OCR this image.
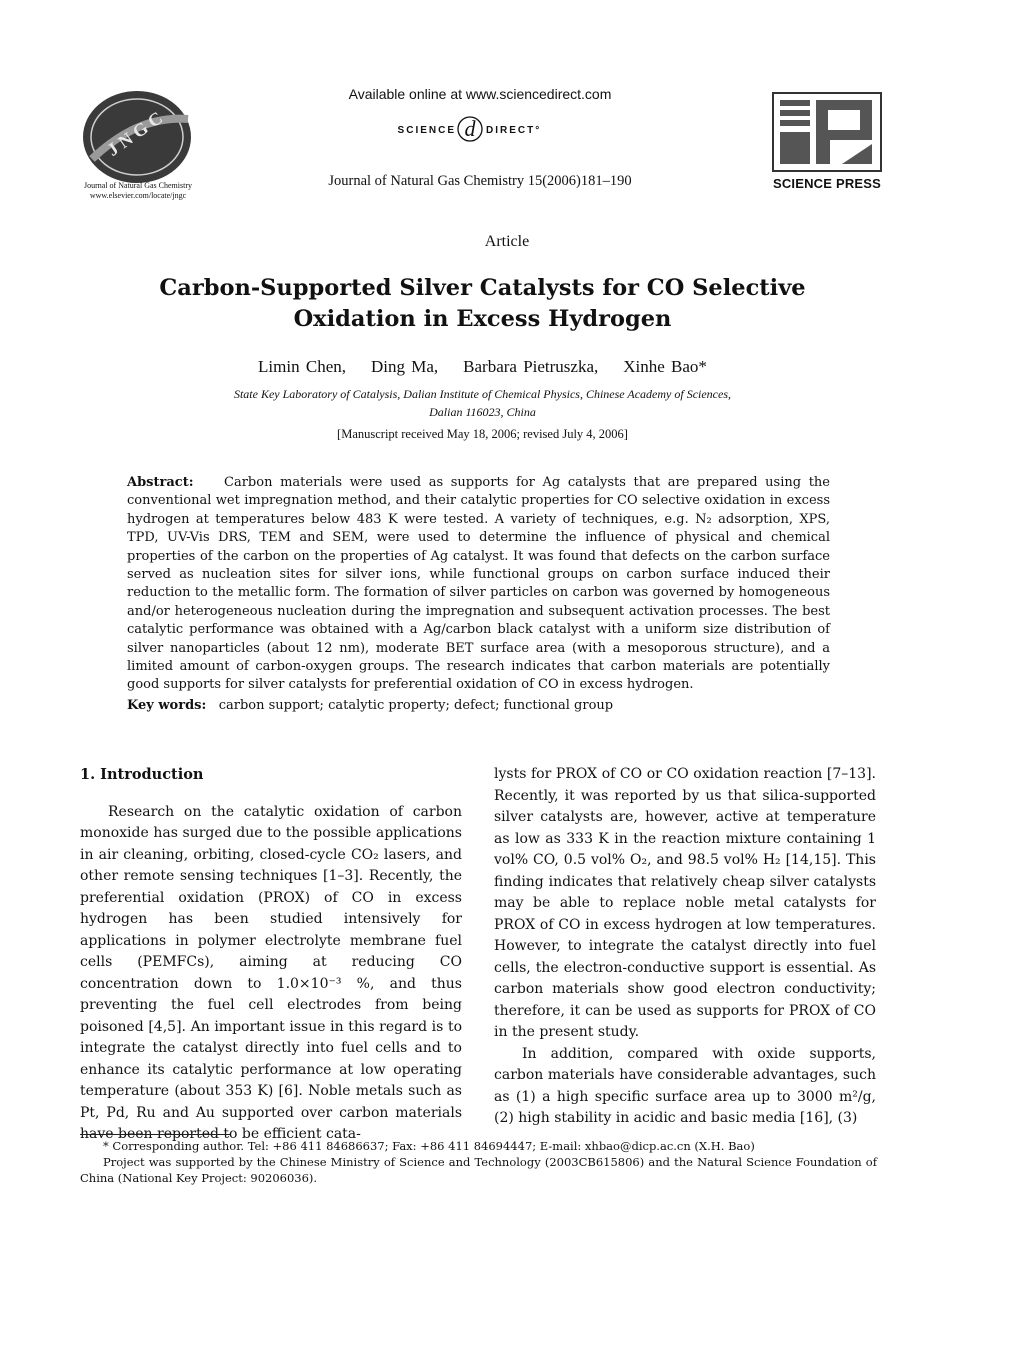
J N G C
Journal of Natural Gas Chemistry
www.elsevier.com/locate/jngc
Available online at www.sciencedirect.com
SCIENCE d DIRECT°
Journal of Natural Gas Chemistry 15(2006)181–190	SCIENCE PRESS
Article
Carbon-Supported Silver Catalysts for CO Selective
Oxidation in Excess Hydrogen
Limin Chen,    Ding Ma,    Barbara Pietruszka,    Xinhe Bao*
State Key Laboratory of Catalysis, Dalian Institute of Chemical Physics, Chinese Academy of Sciences,
Dalian 116023, China
[Manuscript received May 18, 2006; revised July 4, 2006]
Abstract: Carbon materials were used as supports for Ag catalysts that are prepared using the conventional wet impregnation method, and their catalytic properties for CO selective oxidation in excess hydrogen at temperatures below 483 K were tested. A variety of techniques, e.g. N₂ adsorption, XPS, TPD, UV-Vis DRS, TEM and SEM, were used to determine the influence of physical and chemical properties of the carbon on the properties of Ag catalyst. It was found that defects on the carbon surface served as nucleation sites for silver ions, while functional groups on carbon surface induced their reduction to the metallic form. The formation of silver particles on carbon was governed by homogeneous and/or heterogeneous nucleation during the impregnation and subsequent activation processes. The best catalytic performance was obtained with a Ag/carbon black catalyst with a uniform size distribution of silver nanoparticles (about 12 nm), moderate BET surface area (with a mesoporous structure), and a limited amount of carbon-oxygen groups. The research indicates that carbon materials are potentially good supports for silver catalysts for preferential oxidation of CO in excess hydrogen.
Key words: carbon support; catalytic property; defect; functional group
1. Introduction

Research on the catalytic oxidation of carbon monoxide has surged due to the possible applications in air cleaning, orbiting, closed-cycle CO₂ lasers, and other remote sensing techniques [1–3]. Recently, the preferential oxidation (PROX) of CO in excess hydrogen has been studied intensively for applications in polymer electrolyte membrane fuel cells (PEMFCs), aiming at reducing CO concentration down to 1.0×10⁻³ %, and thus preventing the fuel cell electrodes from being poisoned [4,5]. An important issue in this regard is to integrate the catalyst directly into fuel cells and to enhance its catalytic performance at low operating temperature (about 353 K) [6]. Noble metals such as Pt, Pd, Ru and Au supported over carbon materials have been reported to be efficient cata-

lysts for PROX of CO or CO oxidation reaction [7–13]. Recently, it was reported by us that silica-supported silver catalysts are, however, active at temperature as low as 333 K in the reaction mixture containing 1 vol% CO, 0.5 vol% O₂, and 98.5 vol% H₂ [14,15]. This finding indicates that relatively cheap silver catalysts may be able to replace noble metal catalysts for PROX of CO in excess hydrogen at low temperatures. However, to integrate the catalyst directly into fuel cells, the electron-conductive support is essential. As carbon materials show good electron conductivity; therefore, it can be used as supports for PROX of CO in the present study.

In addition, compared with oxide supports, carbon materials have considerable advantages, such as (1) a high specific surface area up to 3000 m²/g, (2) high stability in acidic and basic media [16], (3)

* Corresponding author. Tel: +86 411 84686637; Fax: +86 411 84694447; E-mail: xhbao@dicp.ac.cn (X.H. Bao)

Project was supported by the Chinese Ministry of Science and Technology (2003CB615806) and the Natural Science Foundation of China (National Key Project: 90206036).
